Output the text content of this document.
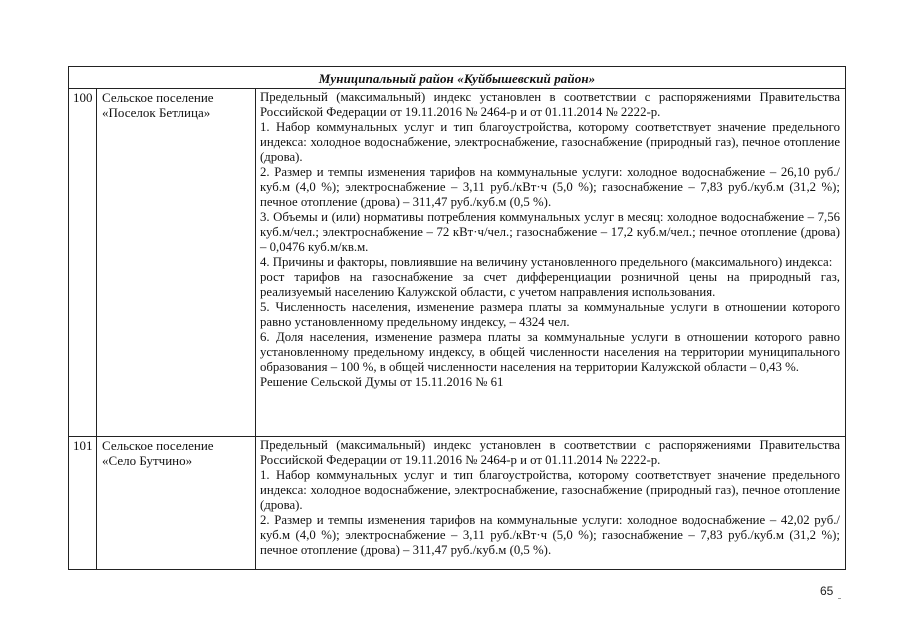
Муниципальный район «Куйбышевский район»
100 Сельское поселение
«Поселок Бетлица»

Предельный (максимальный) индекс установлен в соответствии с распоряжениями Правительства Российской Федерации от 19.11.2016 № 2464-р и от 01.11.2014 № 2222-р.

1. Набор коммунальных услуг и тип благоустройства, которому соответствует значение предельного индекса: холодное водоснабжение, электроснабжение, газоснабжение (природный газ), печное отопление (дрова).

2. Размер и темпы изменения тарифов на коммунальные услуги: холодное водоснабжение – 26,10 руб./куб.м (4,0 %); электроснабжение – 3,11 руб./кВт·ч (5,0 %); газоснабжение – 7,83 руб./куб.м (31,2 %); печное отопление (дрова) – 311,47 руб./куб.м (0,5 %).

3. Объемы и (или) нормативы потребления коммунальных услуг в месяц: холодное водоснабжение – 7,56 куб.м/чел.; электроснабжение – 72 кВт·ч/чел.; газоснабжение – 17,2 куб.м/чел.; печное отопление (дрова) – 0,0476 куб.м/кв.м.

4. Причины и факторы, повлиявшие на величину установленного предельного (максимального) индекса:

рост тарифов на газоснабжение за счет дифференциации розничной цены на природный газ, реализуемый населению Калужской области, с учетом направления использования.

5. Численность населения, изменение размера платы за коммунальные услуги в отношении которого равно установленному предельному индексу, – 4324 чел.

6. Доля населения, изменение размера платы за коммунальные услуги в отношении которого равно установленному предельному индексу, в общей численности населения на территории муниципального образования – 100 %, в общей численности населения на территории Калужской области – 0,43 %.

Решение Сельской Думы от 15.11.2016 № 61

101 Сельское поселение
«Село Бутчино»

Предельный (максимальный) индекс установлен в соответствии с распоряжениями Правительства Российской Федерации от 19.11.2016 № 2464-р и от 01.11.2014 № 2222-р.

1. Набор коммунальных услуг и тип благоустройства, которому соответствует значение предельного индекса: холодное водоснабжение, электроснабжение, газоснабжение (природный газ), печное отопление (дрова).

2. Размер и темпы изменения тарифов на коммунальные услуги: холодное водоснабжение – 42,02 руб./куб.м (4,0 %); электроснабжение – 3,11 руб./кВт·ч (5,0 %); газоснабжение – 7,83 руб./куб.м (31,2 %); печное отопление (дрова) – 311,47 руб./куб.м (0,5 %).

65
